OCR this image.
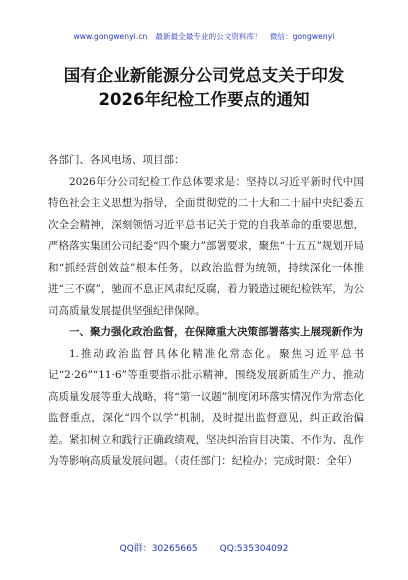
www.gongwenyi.cn 最新最全最专业的公文资料库！ 微信：gongwenyi
国有企业新能源分公司党总支关于印发
2026年纪检工作要点的通知

各部门、各风电场、项目部：

2026年分公司纪检工作总体要求是：坚持以习近平新时代中国特色社会主义思想为指导，全面贯彻党的二十大和二十届中央纪委五次全会精神，深刻领悟习近平总书记关于党的自我革命的重要思想，严格落实集团公司纪委“四个聚力”部署要求，聚焦“十五五”规划开局和“抓经营创效益”根本任务，以政治监督为统领，持续深化一体推进“三不腐”，驰而不息正风肃纪反腐，着力锻造过硬纪检铁军，为公司高质量发展提供坚强纪律保障。

一、聚力强化政治监督，在保障重大决策部署落实上展现新作为

1.推动政治监督具体化精准化常态化。聚焦习近平总书记“2·26”“11·6”等重要指示批示精神，围绕发展新质生产力、推动高质量发展等重大战略，将“第一议题”制度闭环落实情况作为常态化监督重点，深化“四个以学”机制，及时提出监督意见，纠正政治偏差。紧扣树立和践行正确政绩观，坚决纠治盲目决策、不作为、乱作为等影响高质量发展问题。（责任部门：纪检办；完成时限：全年）

QQ群：30265665 QQ:535304092
